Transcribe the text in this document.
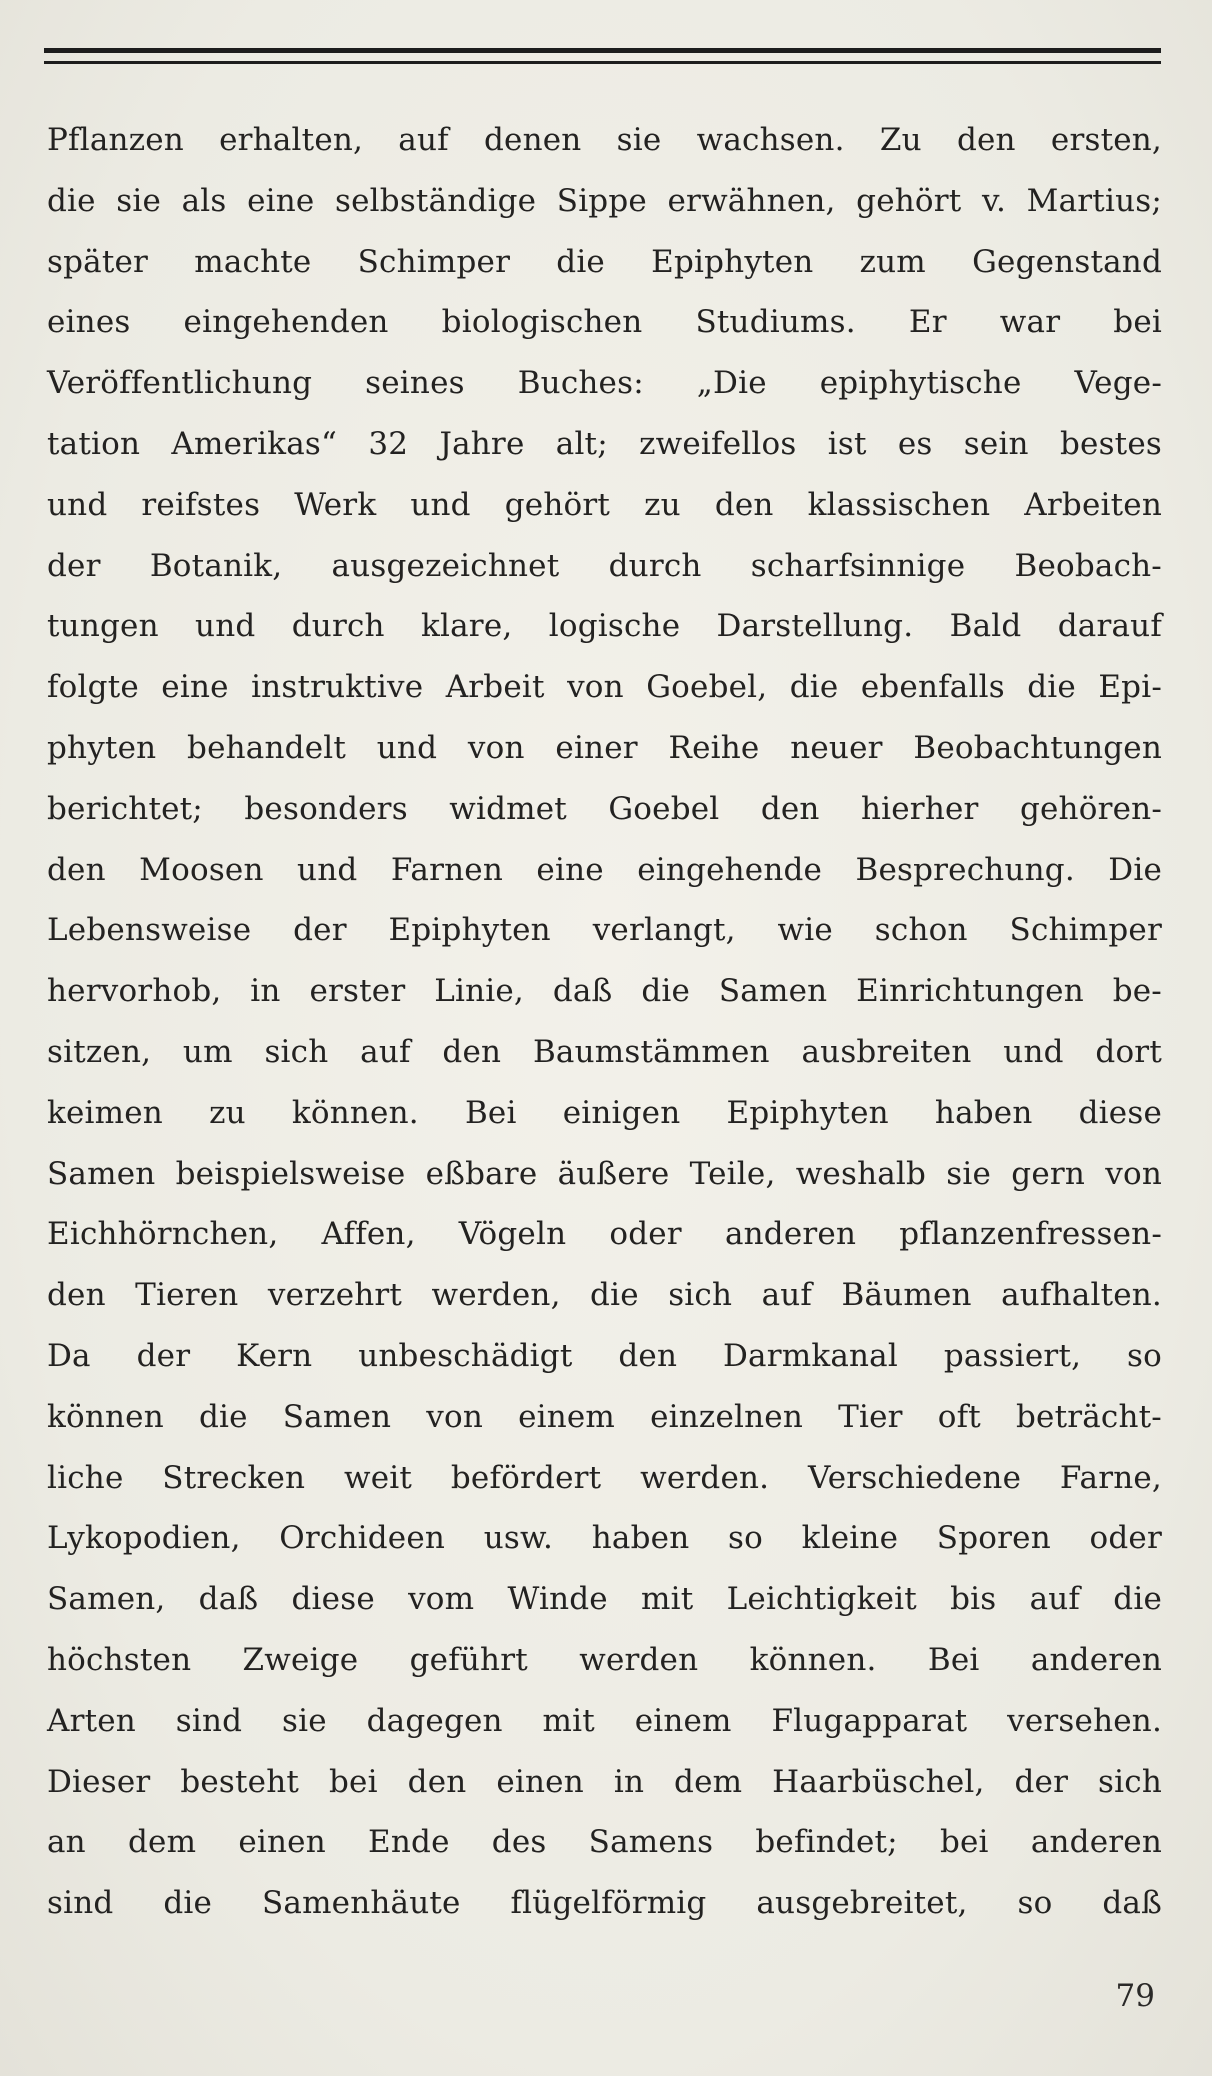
Pflanzen erhalten, auf denen sie wachsen. Zu den ersten,
die sie als eine selbständige Sippe erwähnen, gehört v. Martius;
später machte Schimper die Epiphyten zum Gegenstand
eines eingehenden biologischen Studiums. Er war bei
Veröffentlichung seines Buches: „Die epiphytische Vege-
tation Amerikas“ 32 Jahre alt; zweifellos ist es sein bestes
und reifstes Werk und gehört zu den klassischen Arbeiten
der Botanik, ausgezeichnet durch scharfsinnige Beobach-
tungen und durch klare, logische Darstellung. Bald darauf
folgte eine instruktive Arbeit von Goebel, die ebenfalls die Epi-
phyten behandelt und von einer Reihe neuer Beobachtungen
berichtet; besonders widmet Goebel den hierher gehören-
den Moosen und Farnen eine eingehende Besprechung. Die
Lebensweise der Epiphyten verlangt, wie schon Schimper
hervorhob, in erster Linie, daß die Samen Einrichtungen be-
sitzen, um sich auf den Baumstämmen ausbreiten und dort
keimen zu können. Bei einigen Epiphyten haben diese
Samen beispielsweise eßbare äußere Teile, weshalb sie gern von
Eichhörnchen, Affen, Vögeln oder anderen pflanzenfressen-
den Tieren verzehrt werden, die sich auf Bäumen aufhalten.
Da der Kern unbeschädigt den Darmkanal passiert, so
können die Samen von einem einzelnen Tier oft beträcht-
liche Strecken weit befördert werden. Verschiedene Farne,
Lykopodien, Orchideen usw. haben so kleine Sporen oder
Samen, daß diese vom Winde mit Leichtigkeit bis auf die
höchsten Zweige geführt werden können. Bei anderen
Arten sind sie dagegen mit einem Flugapparat versehen.
Dieser besteht bei den einen in dem Haarbüschel, der sich
an dem einen Ende des Samens befindet; bei anderen
sind die Samenhäute flügelförmig ausgebreitet, so daß

79
